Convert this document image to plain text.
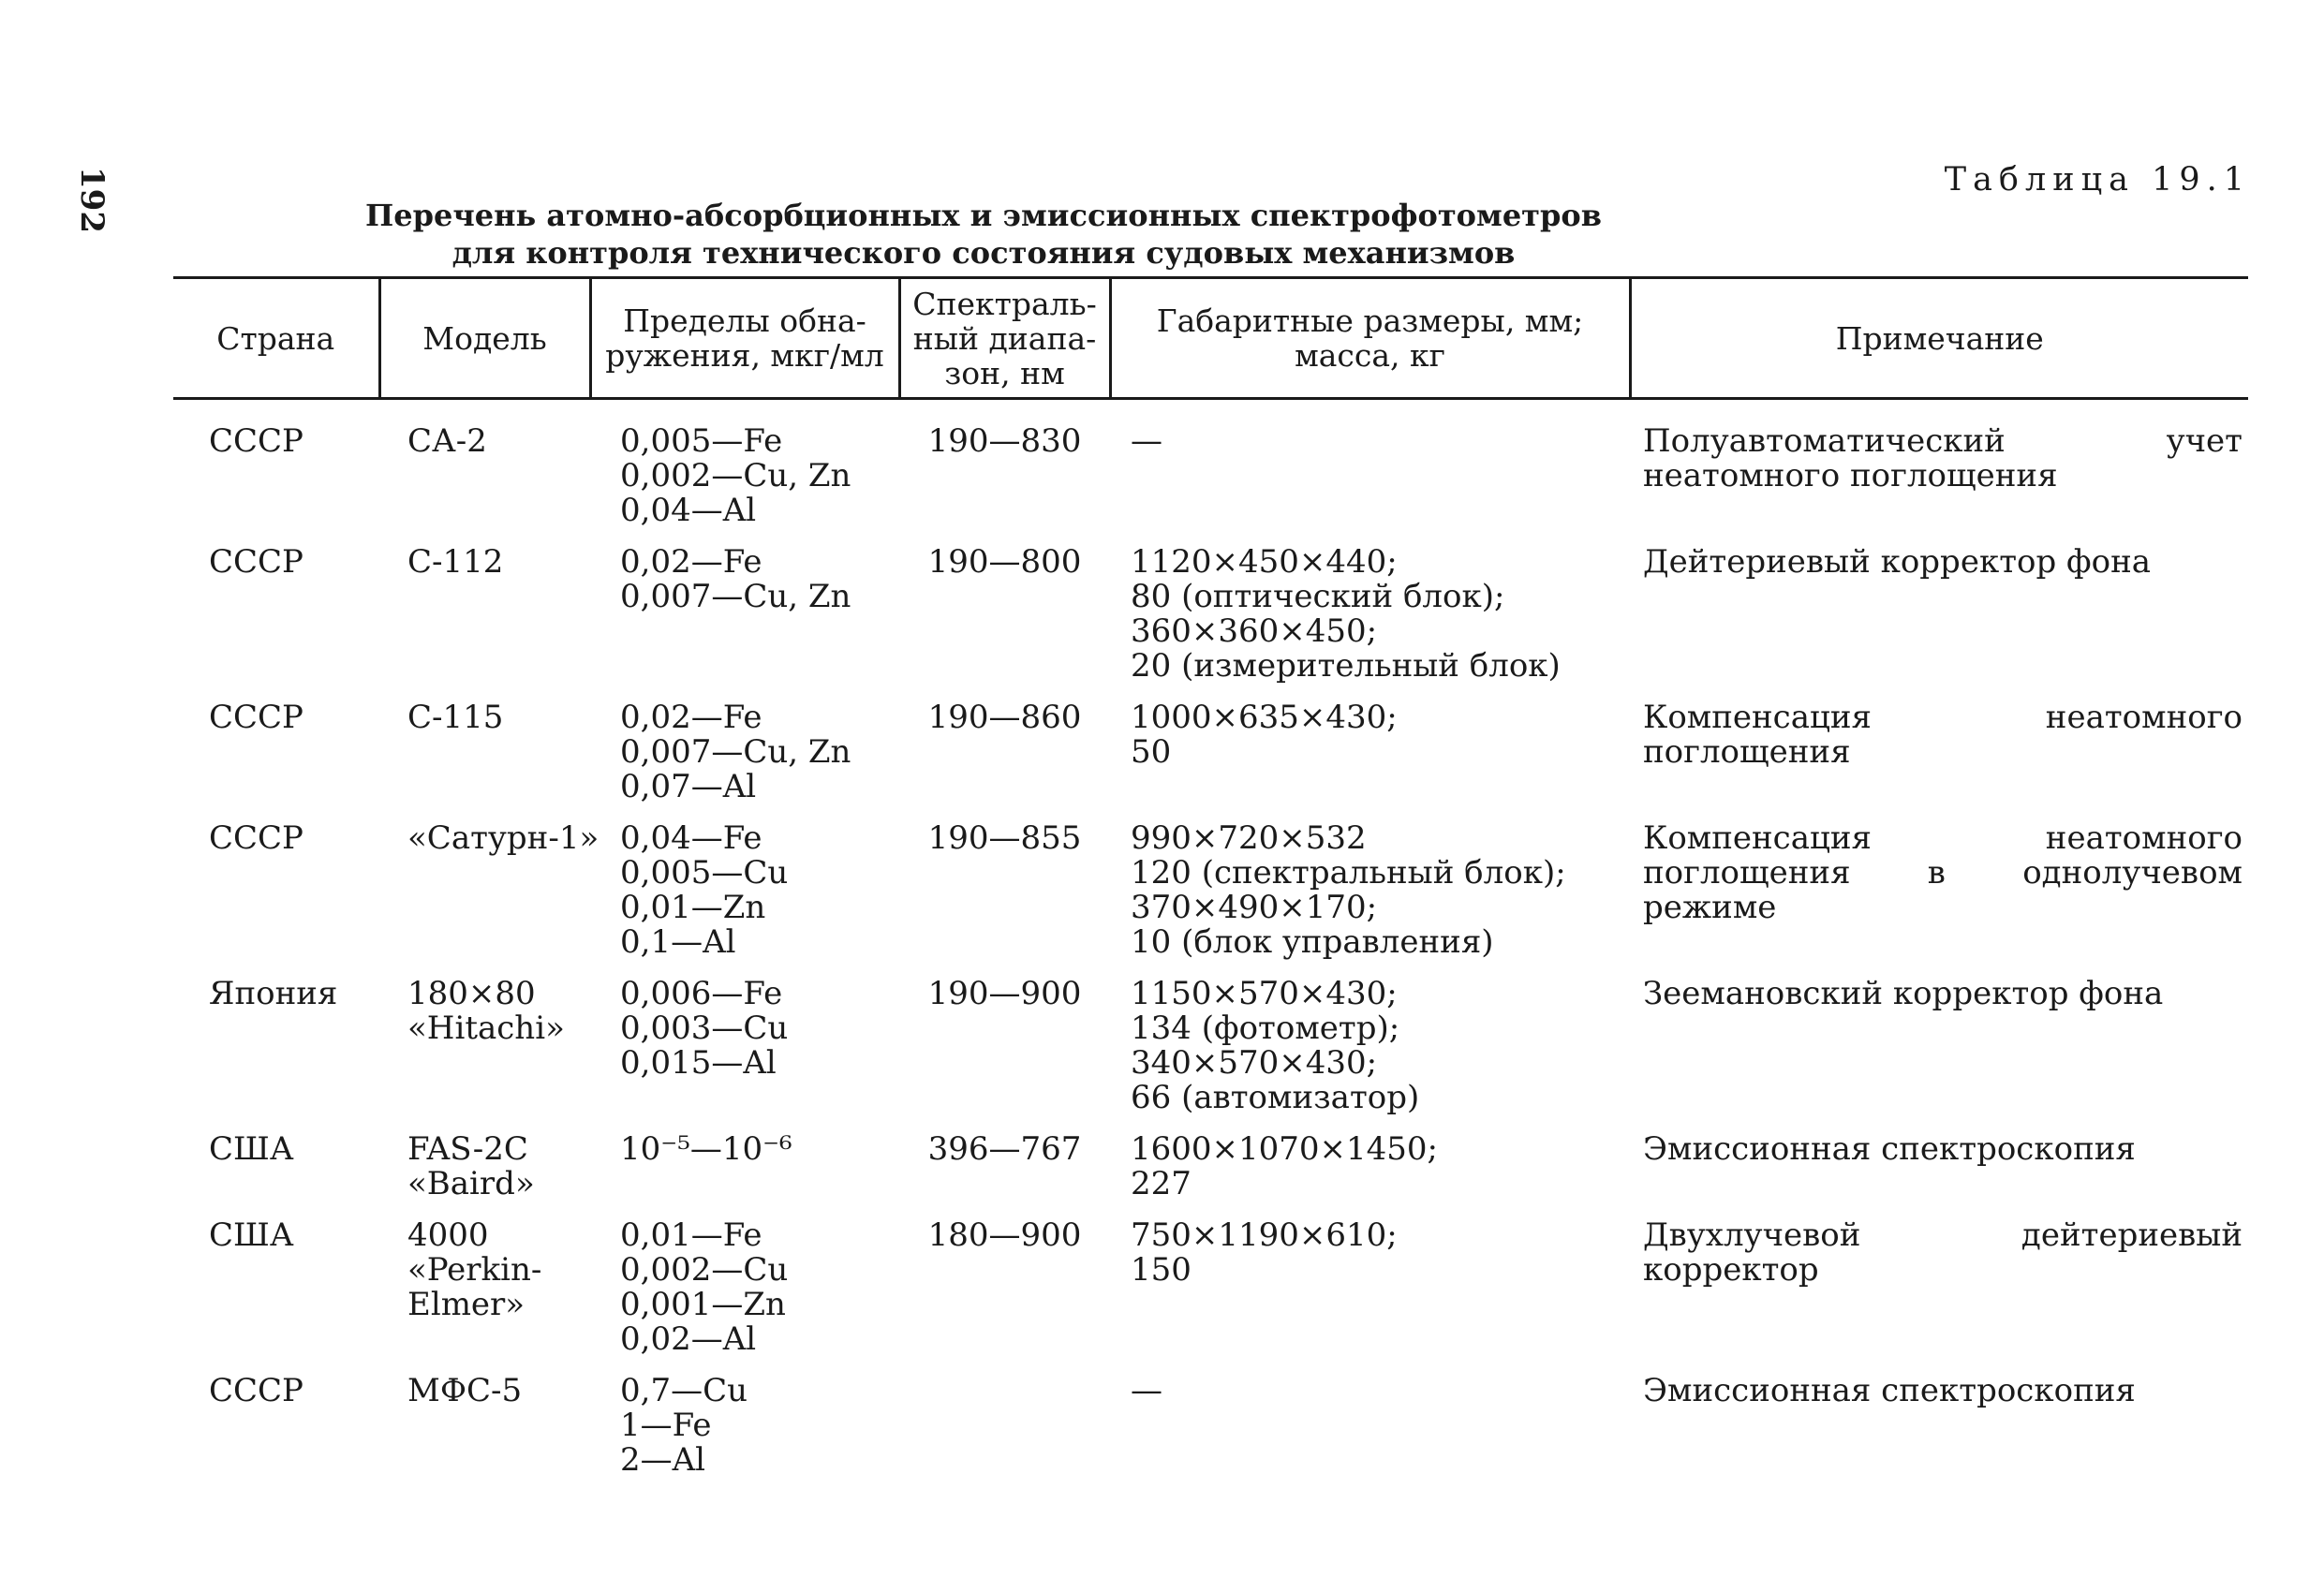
192	Таблица 19.1
Перечень атомно-абсорбционных и эмиссионных спектрофотометров
для контроля технического состояния судовых механизмов
Страна	Модель	Пределы обна-
ружения, мкг/мл	Спектраль-
ный диапа-
зон, нм	Габаритные размеры, мм;
масса, кг	Примечание
СССР	СА-2	0,005—Fe
0,002—Cu, Zn
0,04—Al	190—830	—	Полуавтоматический учет неатомного поглощения
СССР	С-112	0,02—Fe
0,007—Cu, Zn	190—800	1120×450×440;
80 (оптический блок);
360×360×450;
20 (измерительный блок)	Дейтериевый корректор фона
СССР	С-115	0,02—Fe
0,007—Cu, Zn
0,07—Al	190—860	1000×635×430;
50	Компенсация неатомного поглощения
СССР	«Сатурн-1»	0,04—Fe
0,005—Cu
0,01—Zn
0,1—Al	190—855	990×720×532
120 (спектральный блок);
370×490×170;
10 (блок управления)	Компенсация неатомного поглощения в однолучевом режиме
Япония	180×80
«Hitachi»	0,006—Fe
0,003—Cu
0,015—Al	190—900	1150×570×430;
134 (фотометр);
340×570×430;
66 (автомизатор)	Зеемановский корректор фона
США	FAS-2C
«Baird»	10⁻⁵—10⁻⁶	396—767	1600×1070×1450;
227	Эмиссионная спектроскопия
США	4000
«Perkin-
Elmer»	0,01—Fe
0,002—Cu
0,001—Zn
0,02—Al	180—900	750×1190×610;
150	Двухлучевой дейтериевый корректор
СССР	МФС-5	0,7—Cu
1—Fe
2—Al		—	Эмиссионная спектроскопия
